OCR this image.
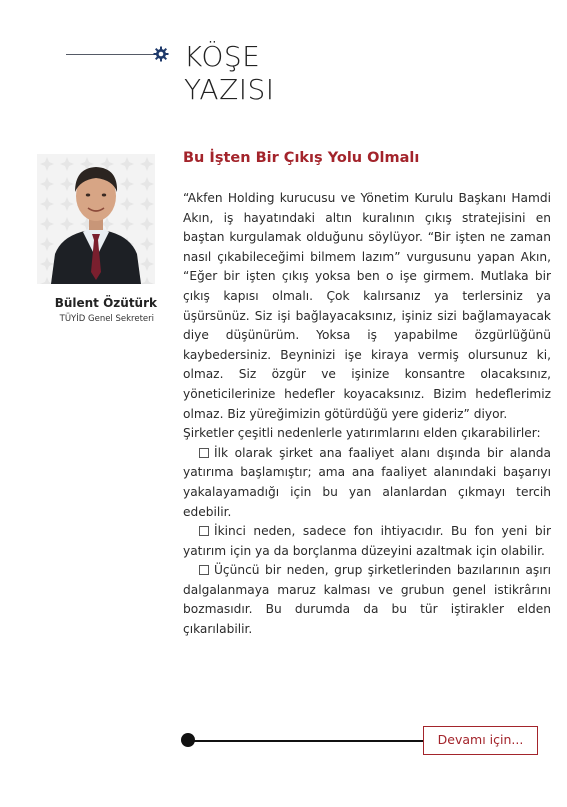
KÖŞE
YAZISI
Bülent Özütürk
TÜYİD Genel Sekreteri
Bu İşten Bir Çıkış Yolu Olmalı

“Akfen Holding kurucusu ve Yönetim Kurulu Başkanı Hamdi Akın, iş hayatındaki altın kuralının çıkış stratejisini en baştan kurgulamak olduğunu söylüyor. “Bir işten ne zaman nasıl çıkabileceğimi bilmem lazım” vurgusunu yapan Akın, “Eğer bir işten çıkış yoksa ben o işe girmem. Mutlaka bir çıkış kapısı olmalı. Çok kalırsanız ya terlersiniz ya üşürsünüz. Siz işi bağlayacaksınız, işiniz sizi bağlamayacak diye düşünürüm. Yoksa iş yapabilme özgürlüğünü kaybedersiniz. Beyninizi işe kiraya vermiş olursunuz ki, olmaz. Siz özgür ve işinize konsantre olacaksınız, yöneticilerinize hedefler koyacaksınız. Bizim hedeflerimiz olmaz. Biz yüreğimizin götürdüğü yere gideriz” diyor.

Şirketler çeşitli nedenlerle yatırımlarını elden çıkarabilirler:

İlk olarak şirket ana faaliyet alanı dışında bir alanda yatırıma başlamıştır; ama ana faaliyet alanındaki başarıyı yakalayamadığı için bu yan alanlardan çıkmayı tercih edebilir.

İkinci neden, sadece fon ihtiyacıdır. Bu fon yeni bir yatırım için ya da borçlanma düzeyini azaltmak için olabilir.

Üçüncü bir neden, grup şirketlerinden bazılarının aşırı dalgalanmaya maruz kalması ve grubun genel istikrârını bozmasıdır. Bu durumda da bu tür iştirakler elden çıkarılabilir.

Devamı için...
